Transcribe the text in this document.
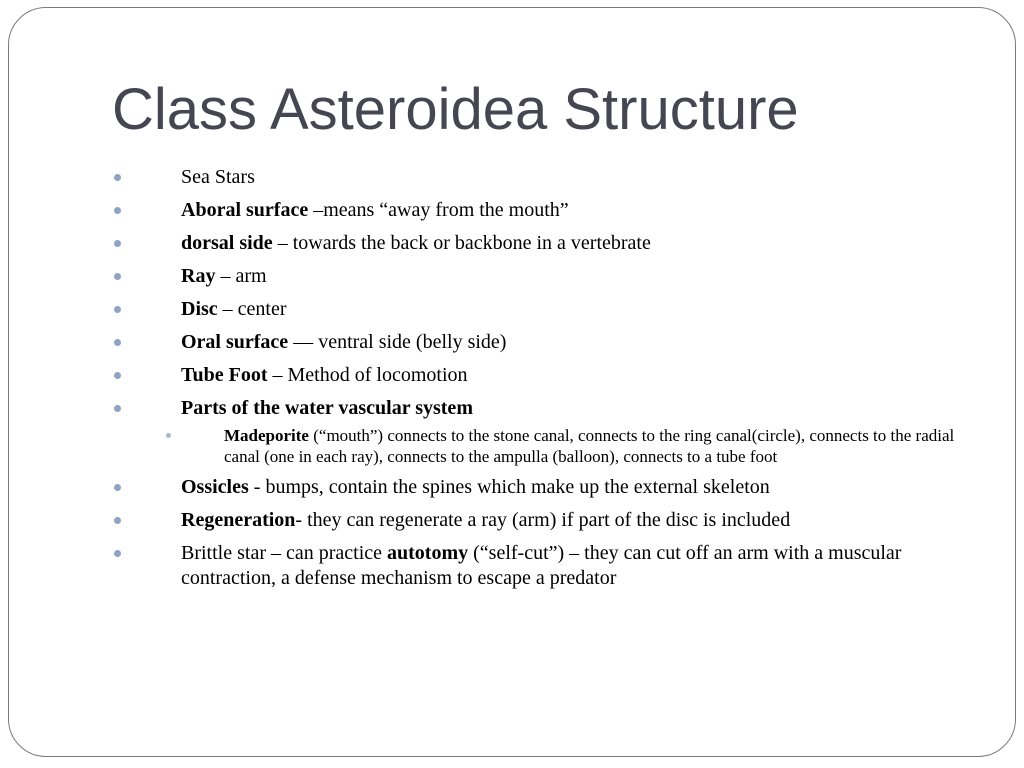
Class Asteroidea Structure
Sea Stars
Aboral surface –means “away from the mouth”
dorsal side – towards the back or backbone in a vertebrate
Ray – arm
Disc – center
Oral surface –– ventral side (belly side)
Tube Foot – Method of locomotion
Parts of the water vascular system
Madeporite (“mouth”) connects to the stone canal, connects to the ring canal(circle), connects to the radial canal (one in each ray), connects to the ampulla (balloon), connects to a tube foot
Ossicles - bumps, contain the spines which make up the external skeleton
Regeneration- they can regenerate a ray (arm) if part of the disc is included
Brittle star – can practice autotomy (“self-cut”) – they can cut off an arm with a muscular contraction, a defense mechanism to escape a predator
